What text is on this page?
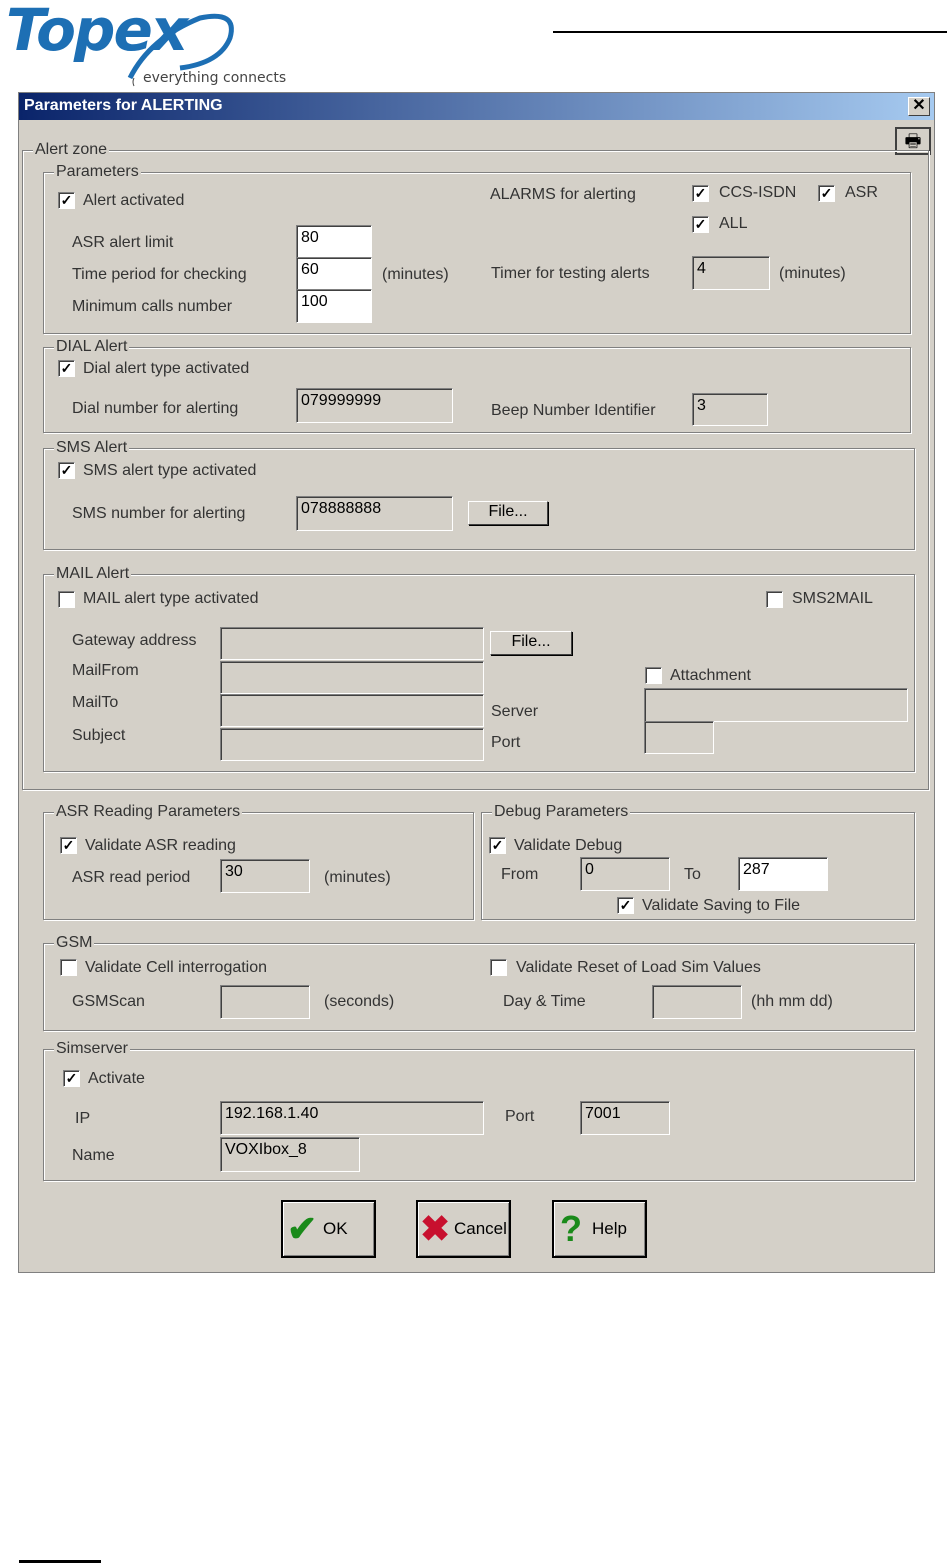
Topex
everything connects
Parameters for ALERTING	✕
🖶
Alert zone
Parameters
✓ Alert activated
ASR alert limit	80
Time period for checking	60	(minutes)
Minimum calls number	100
ALARMS for alerting	✓ CCS-ISDN ✓ ASR
✓ ALL
Timer for testing alerts	4	(minutes)
DIAL Alert
✓ Dial alert type activated
Dial number for alerting	079999999
Beep Number Identifier	3
SMS Alert
✓ SMS alert type activated
SMS number for alerting	078888888	File...
MAIL Alert
MAIL alert type activated	SMS2MAIL
Gateway address	File...
MailFrom
MailTo
Subject
Attachment
Server
Port
ASR Reading Parameters
✓ Validate ASR reading
ASR read period	30	(minutes)
Debug Parameters
✓ Validate Debug
From	0	To	287
✓ Validate Saving to File
GSM
Validate Cell interrogation	Validate Reset of Load Sim Values
GSMScan	(seconds)	Day & Time	(hh mm dd)
Simserver
✓ Activate
IP	192.168.1.40	Port	7001
Name	VOXIbox_8
✔ OK ✖ Cancel ? Help
